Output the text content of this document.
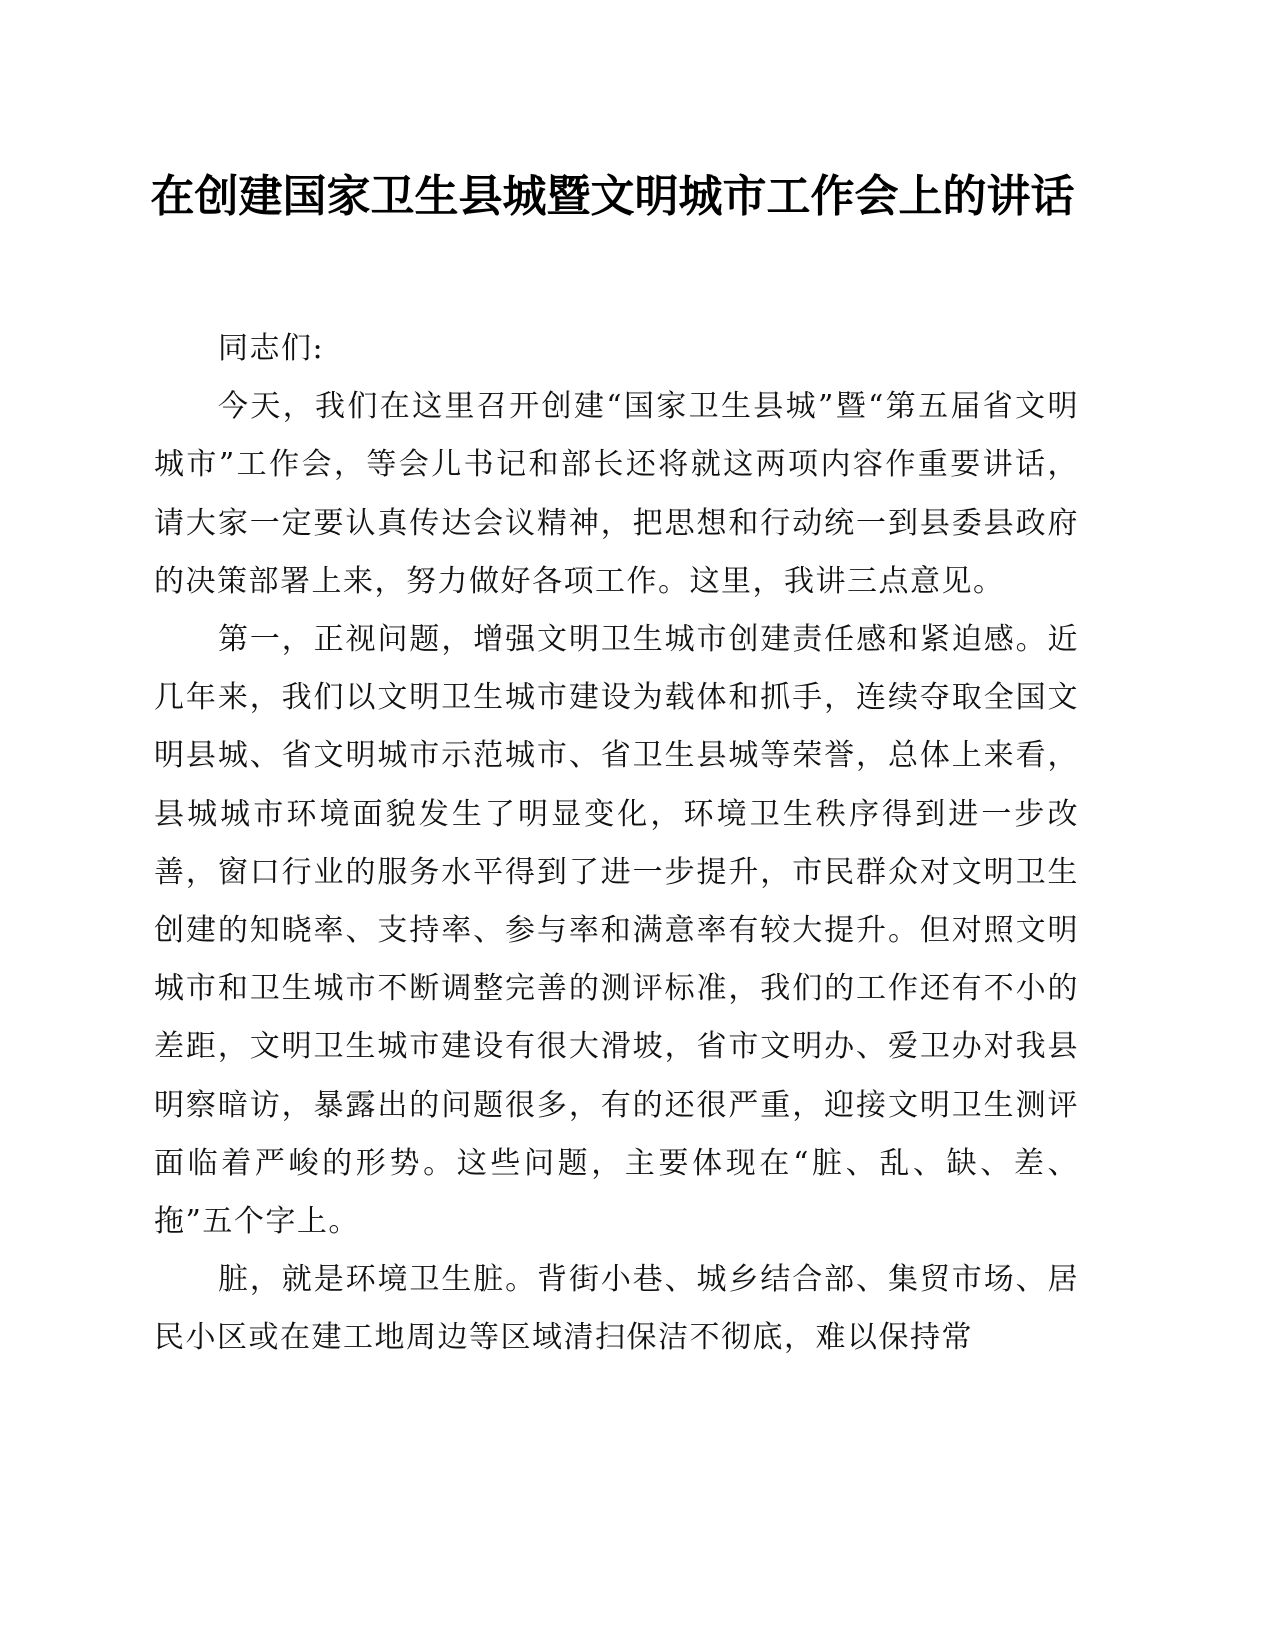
在创建国家卫生县城暨文明城市工作会上的讲话

同志们:

今天，我们在这里召开创建“国家卫生县城”暨“第五届省文明城市”工作会，等会儿书记和部长还将就这两项内容作重要讲话，请大家一定要认真传达会议精神，把思想和行动统一到县委县政府的决策部署上来，努力做好各项工作。这里，我讲三点意见。

第一，正视问题，增强文明卫生城市创建责任感和紧迫感。近几年来，我们以文明卫生城市建设为载体和抓手，连续夺取全国文明县城、省文明城市示范城市、省卫生县城等荣誉，总体上来看，县城城市环境面貌发生了明显变化，环境卫生秩序得到进一步改善，窗口行业的服务水平得到了进一步提升，市民群众对文明卫生创建的知晓率、支持率、参与率和满意率有较大提升。但对照文明城市和卫生城市不断调整完善的测评标准，我们的工作还有不小的差距，文明卫生城市建设有很大滑坡，省市文明办、爱卫办对我县明察暗访，暴露出的问题很多，有的还很严重，迎接文明卫生测评面临着严峻的形势。这些问题，主要体现在“脏、乱、缺、差、拖”五个字上。

脏，就是环境卫生脏。背街小巷、城乡结合部、集贸市场、居民小区或在建工地周边等区域清扫保洁不彻底，难以保持常
